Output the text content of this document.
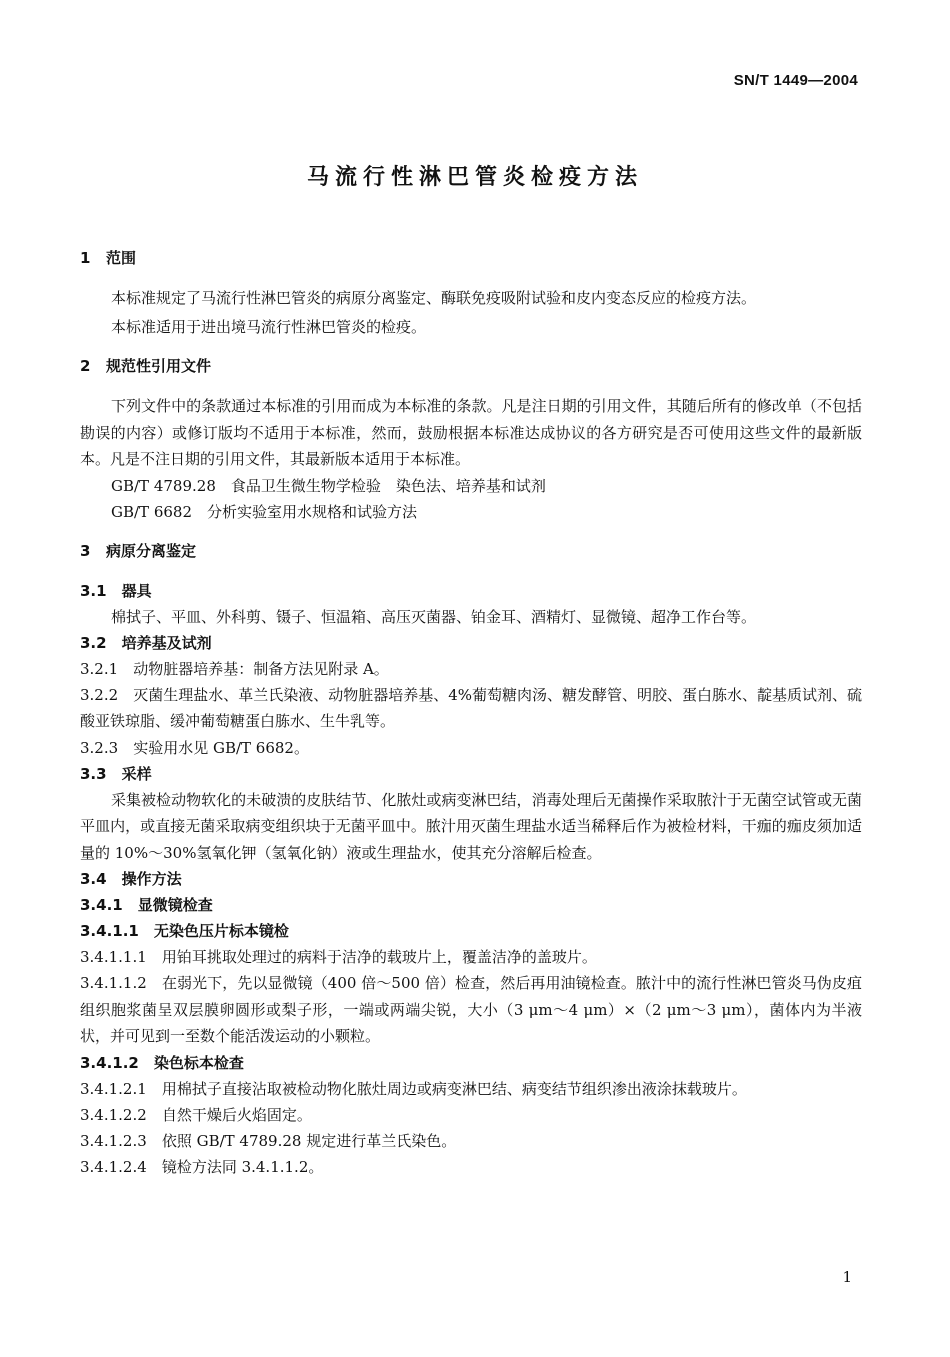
SN/T 1449—2004
马流行性淋巴管炎检疫方法
1 范围
本标准规定了马流行性淋巴管炎的病原分离鉴定、酶联免疫吸附试验和皮内变态反应的检疫方法。
本标准适用于进出境马流行性淋巴管炎的检疫。
2 规范性引用文件
下列文件中的条款通过本标准的引用而成为本标准的条款。凡是注日期的引用文件，其随后所有的修改单（不包括勘误的内容）或修订版均不适用于本标准，然而，鼓励根据本标准达成协议的各方研究是否可使用这些文件的最新版本。凡是不注日期的引用文件，其最新版本适用于本标准。
GB/T 4789.28　 食品卫生微生物学检验　染色法、培养基和试剂
GB/T 6682　 分析实验室用水规格和试验方法
3 病原分离鉴定
3.1　 器具
棉拭子、平皿、外科剪、镊子、恒温箱、高压灭菌器、铂金耳、酒精灯、显微镜、超净工作台等。
3.2　 培养基及试剂
3.2.1　 动物脏器培养基：制备方法见附录 A。
3.2.2　 灭菌生理盐水、革兰氏染液、动物脏器培养基、4%葡萄糖肉汤、糖发酵管、明胶、蛋白胨水、靛基质试剂、硫酸亚铁琼脂、缓冲葡萄糖蛋白胨水、生牛乳等。
3.2.3　 实验用水见 GB/T 6682。
3.3　 采样
采集被检动物软化的未破溃的皮肤结节、化脓灶或病变淋巴结，消毒处理后无菌操作采取脓汁于无菌空试管或无菌平皿内，或直接无菌采取病变组织块于无菌平皿中。脓汁用灭菌生理盐水适当稀释后作为被检材料，干痂的痂皮须加适量的 10%～30%氢氧化钾（氢氧化钠）液或生理盐水，使其充分溶解后检查。
3.4　 操作方法
3.4.1　 显微镜检查
3.4.1.1　 无染色压片标本镜检
3.4.1.1.1　 用铂耳挑取处理过的病料于洁净的载玻片上，覆盖洁净的盖玻片。
3.4.1.1.2　 在弱光下，先以显微镜（400 倍～500 倍）检查，然后再用油镜检查。脓汁中的流行性淋巴管炎马伪皮疽组织胞浆菌呈双层膜卵圆形或梨子形，一端或两端尖锐，大小（3 μm～4 μm）×（2 μm～3 μm），菌体内为半液状，并可见到一至数个能活泼运动的小颗粒。
3.4.1.2　 染色标本检查
3.4.1.2.1　 用棉拭子直接沾取被检动物化脓灶周边或病变淋巴结、病变结节组织渗出液涂抹载玻片。
3.4.1.2.2　 自然干燥后火焰固定。
3.4.1.2.3　 依照 GB/T 4789.28 规定进行革兰氏染色。
3.4.1.2.4　 镜检方法同 3.4.1.1.2。
1
